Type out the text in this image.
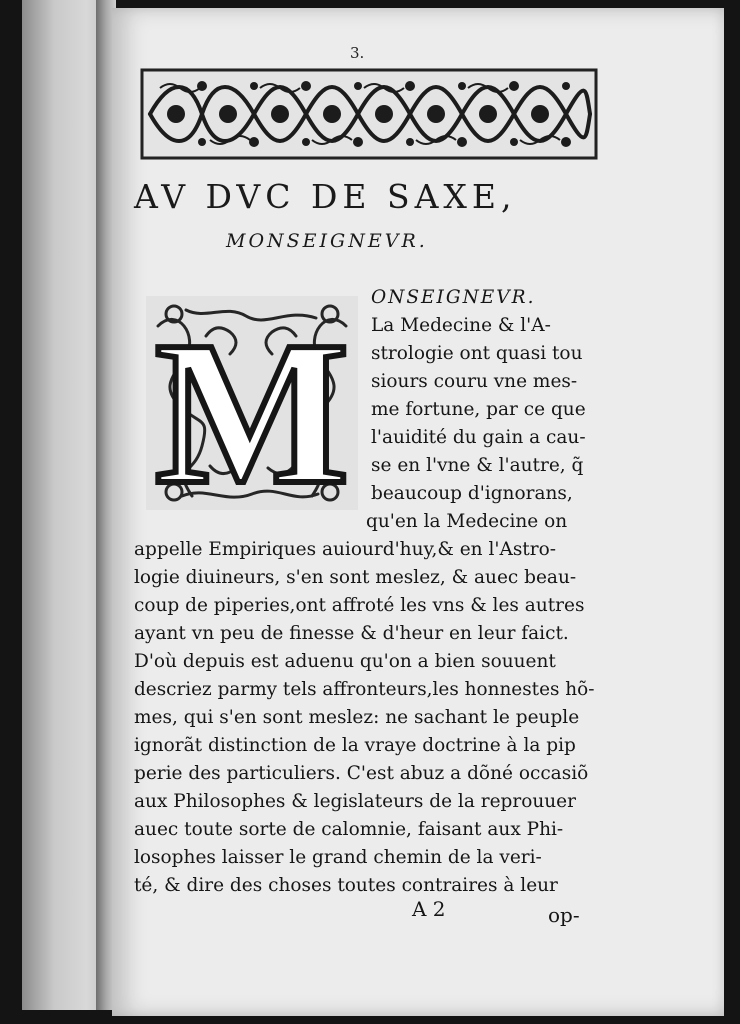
3.
AV DVC DE SAXE,
MONSEIGNEVR.
M
ONSEIGNEVR.
La Medecine & l'A-
strologie ont quasi tou
siours couru vne mes-
me fortune, par ce que
l'auidité du gain a cau-
se en l'vne & l'autre, q̃
beaucoup d'ignorans,
qu'en la Medecine on
appelle Empiriques auiourd'huy,& en l'Astro-
logie diuineurs, s'en sont meslez, & auec beau-
coup de piperies,ont affroté les vns & les autres
ayant vn peu de finesse & d'heur en leur faict.
D'où depuis est aduenu qu'on a bien souuent
descriez parmy tels affronteurs,les honnestes hõ-
mes, qui s'en sont meslez: ne sachant le peuple
ignorãt distinction de la vraye doctrine à la pip
perie des particuliers. C'est abuz a dõné occasiõ
aux Philosophes & legislateurs de la reprouuer
auec toute sorte de calomnie, faisant aux Phi-
losophes laisser le grand chemin de la veri-
té, & dire des choses toutes contraires à leur
A 2	op-
